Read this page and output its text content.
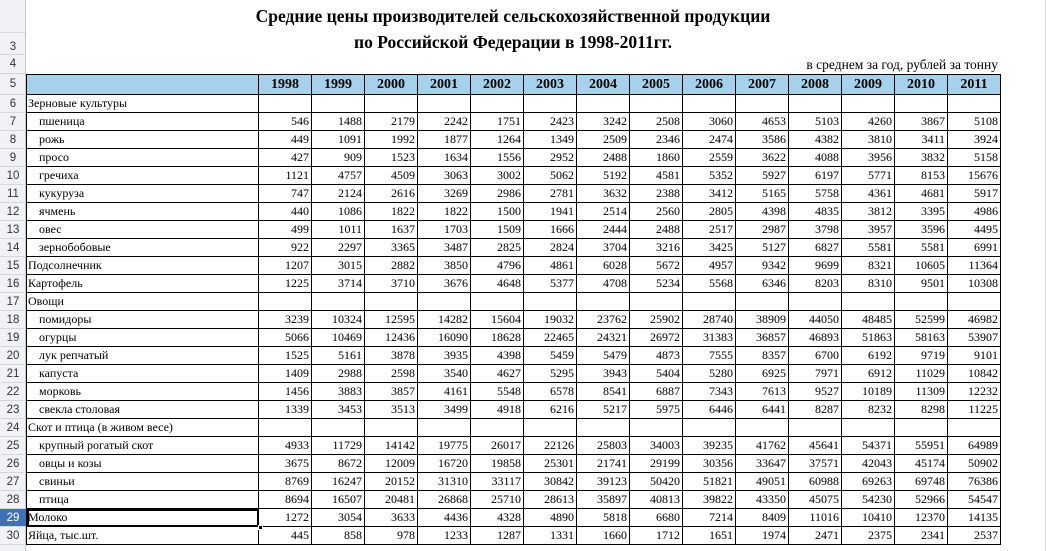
3
4
5
6
7
8
9
10
11
12
13
14
15
16
17
18
19
20
21
22
23
24
25
26
27
28
29
30
Средние цены производителей сельскохозяйственной продукции
по Российской Федерации в 1998-2011гг.
в среднем за год, рублей за тонну
	1998	1999	2000	2001	2002	2003	2004	2005	2006	2007	2008	2009	2010	2011
Зерновые культуры														
пшеница	546	1488	2179	2242	1751	2423	3242	2508	3060	4653	5103	4260	3867	5108
рожь	449	1091	1992	1877	1264	1349	2509	2346	2474	3586	4382	3810	3411	3924
просо	427	909	1523	1634	1556	2952	2488	1860	2559	3622	4088	3956	3832	5158
гречиха	1121	4757	4509	3063	3002	5062	5192	4581	5352	5927	6197	5771	8153	15676
кукуруза	747	2124	2616	3269	2986	2781	3632	2388	3412	5165	5758	4361	4681	5917
ячмень	440	1086	1822	1822	1500	1941	2514	2560	2805	4398	4835	3812	3395	4986
овес	499	1011	1637	1703	1509	1666	2444	2488	2517	2987	3798	3957	3596	4495
зернобобовые	922	2297	3365	3487	2825	2824	3704	3216	3425	5127	6827	5581	5581	6991
Подсолнечник	1207	3015	2882	3850	4796	4861	6028	5672	4957	9342	9699	8321	10605	11364
Картофель	1225	3714	3710	3676	4648	5377	4708	5234	5568	6346	8203	8310	9501	10308
Овощи														
помидоры	3239	10324	12595	14282	15604	19032	23762	25902	28740	38909	44050	48485	52599	46982
огурцы	5066	10469	12436	16090	18628	22465	24321	26972	31383	36857	46893	51863	58163	53907
лук репчатый	1525	5161	3878	3935	4398	5459	5479	4873	7555	8357	6700	6192	9719	9101
капуста	1409	2988	2598	3540	4627	5295	3943	5404	5280	6925	7971	6912	11029	10842
морковь	1456	3883	3857	4161	5548	6578	8541	6887	7343	7613	9527	10189	11309	12232
свекла столовая	1339	3453	3513	3499	4918	6216	5217	5975	6446	6441	8287	8232	8298	11225
Скот и птица (в живом весе)														
крупный рогатый скот	4933	11729	14142	19775	26017	22126	25803	34003	39235	41762	45641	54371	55951	64989
овцы и козы	3675	8672	12009	16720	19858	25301	21741	29199	30356	33647	37571	42043	45174	50902
свиньи	8769	16247	20152	31310	33117	30842	39123	50420	51821	49051	60988	69263	69748	76386
птица	8694	16507	20481	26868	25710	28613	35897	40813	39822	43350	45075	54230	52966	54547
Молоко	1272	3054	3633	4436	4328	4890	5818	6680	7214	8409	11016	10410	12370	14135
Яйца, тыс.шт.	445	858	978	1233	1287	1331	1660	1712	1651	1974	2471	2375	2341	2537
